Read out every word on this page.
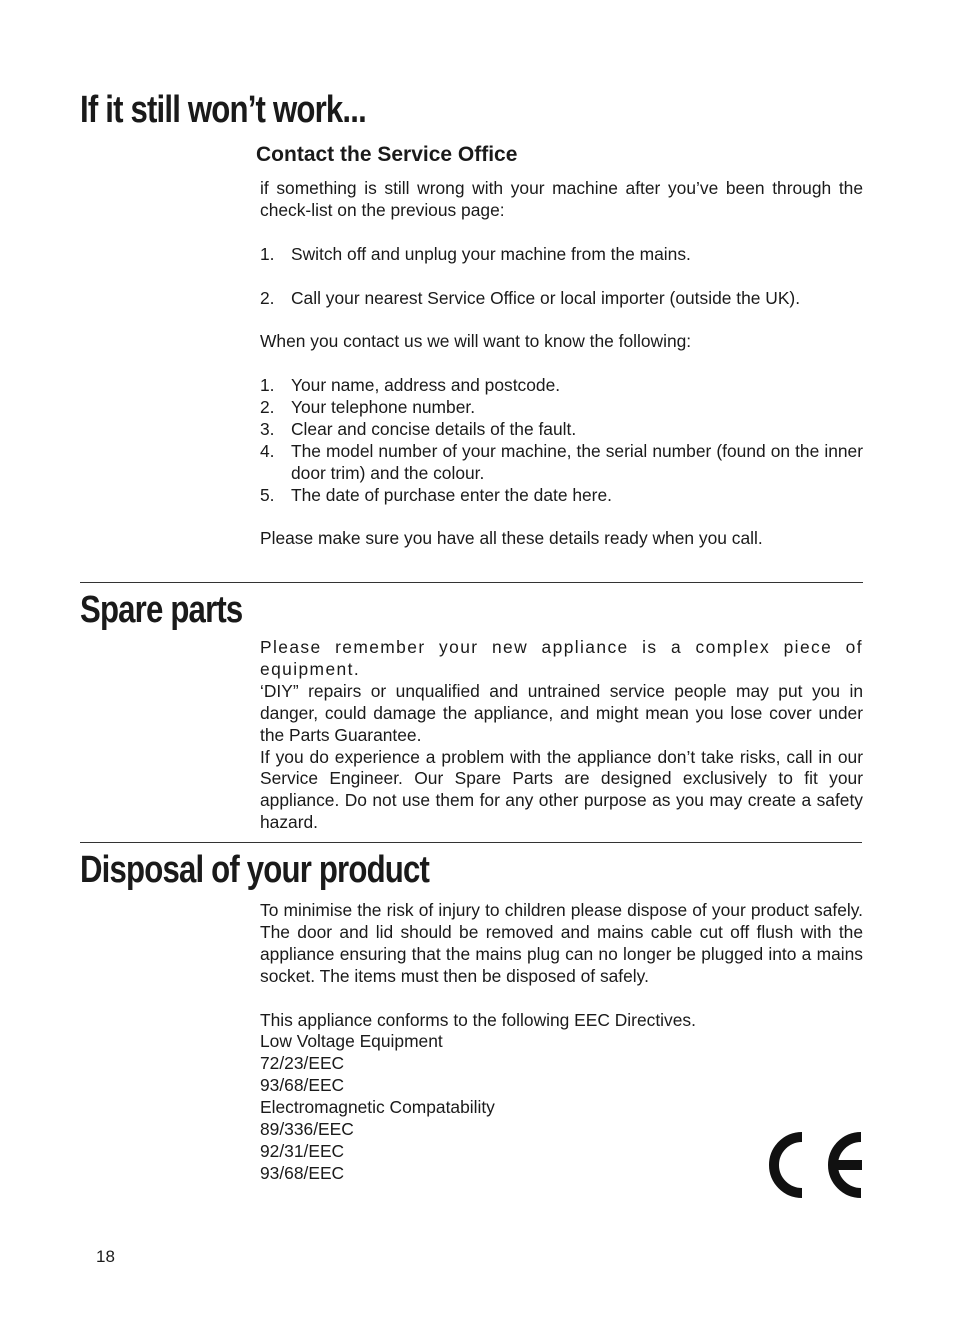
If it still won’t work...
Contact the Service Office

if something is still wrong with your machine after you’ve been through the check-list on the previous page:

1. Switch off and unplug your machine from the mains.
2. Call your nearest Service Office or local importer (outside the UK).

When you contact us we will want to know the following:

1. Your name, address and postcode.
2. Your telephone number.
3. Clear and concise details of the fault.
4. The model number of your machine, the serial number (found on the inner door trim) and the colour.
5. The date of purchase enter the date here.

Please make sure you have all these details ready when you call.

Spare parts

Please remember your new appliance is a complex piece of equipment.

‘DIY” repairs or unqualified and untrained service people may put you in danger, could damage the appliance, and might mean you lose cover under the Parts Guarantee.

If you do experience a problem with the appliance don’t take risks, call in our Service Engineer. Our Spare Parts are designed exclusively to fit your appliance. Do not use them for any other purpose as you may create a safety hazard.

Disposal of your product

To minimise the risk of injury to children please dispose of your product safely. The door and lid should be removed and mains cable cut off flush with the appliance ensuring that the mains plug can no longer be plugged into a mains socket. The items must then be disposed of safely.

This appliance conforms to the following EEC Directives.

Low Voltage Equipment

72/23/EEC

93/68/EEC

Electromagnetic Compatability

89/336/EEC

92/31/EEC

93/68/EEC

18
